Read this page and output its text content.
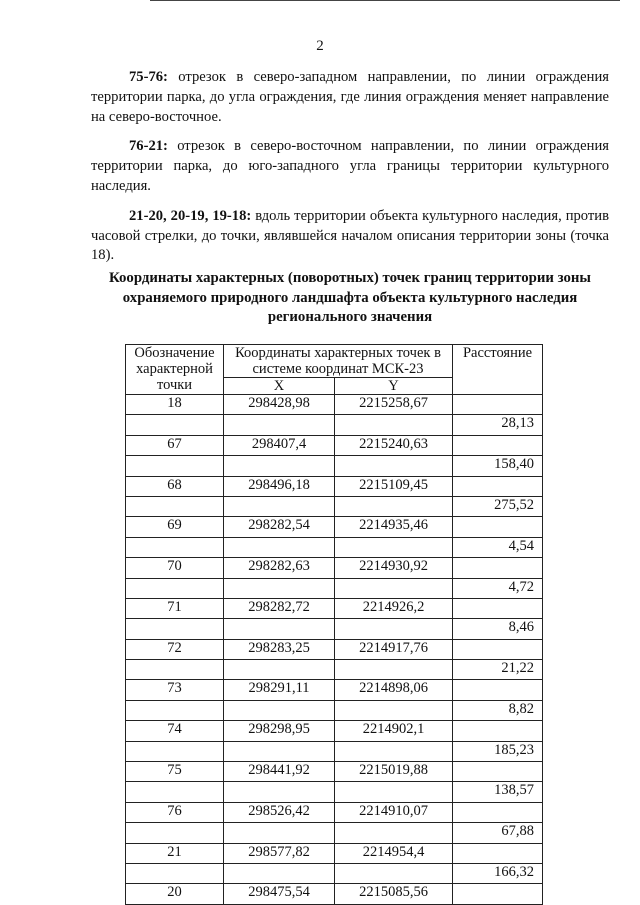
2

75-76: отрезок в северо-западном направлении, по линии ограждения территории парка, до угла ограждения, где линия ограждения меняет направление на северо-восточное.

76-21: отрезок в северо-восточном направлении, по линии ограждения территории парка, до юго-западного угла границы территории культурного наследия.

21-20, 20-19, 19-18: вдоль территории объекта культурного наследия, против часовой стрелки, до точки, являвшейся началом описания территории зоны (точка 18).

Координаты характерных (поворотных) точек границ территории зоны
охраняемого природного ландшафта объекта культурного наследия
регионального значения
Обозначение характерной точки	Координаты характерных точек в системе координат МСК-23		Расстояние
	X	Y	
18	298428,98	2215258,67	
			28,13
67	298407,4	2215240,63	
			158,40
68	298496,18	2215109,45	
			275,52
69	298282,54	2214935,46	
			4,54
70	298282,63	2214930,92	
			4,72
71	298282,72	2214926,2	
			8,46
72	298283,25	2214917,76	
			21,22
73	298291,11	2214898,06	
			8,82
74	298298,95	2214902,1	
			185,23
75	298441,92	2215019,88	
			138,57
76	298526,42	2214910,07	
			67,88
21	298577,82	2214954,4	
			166,32
20	298475,54	2215085,56	
